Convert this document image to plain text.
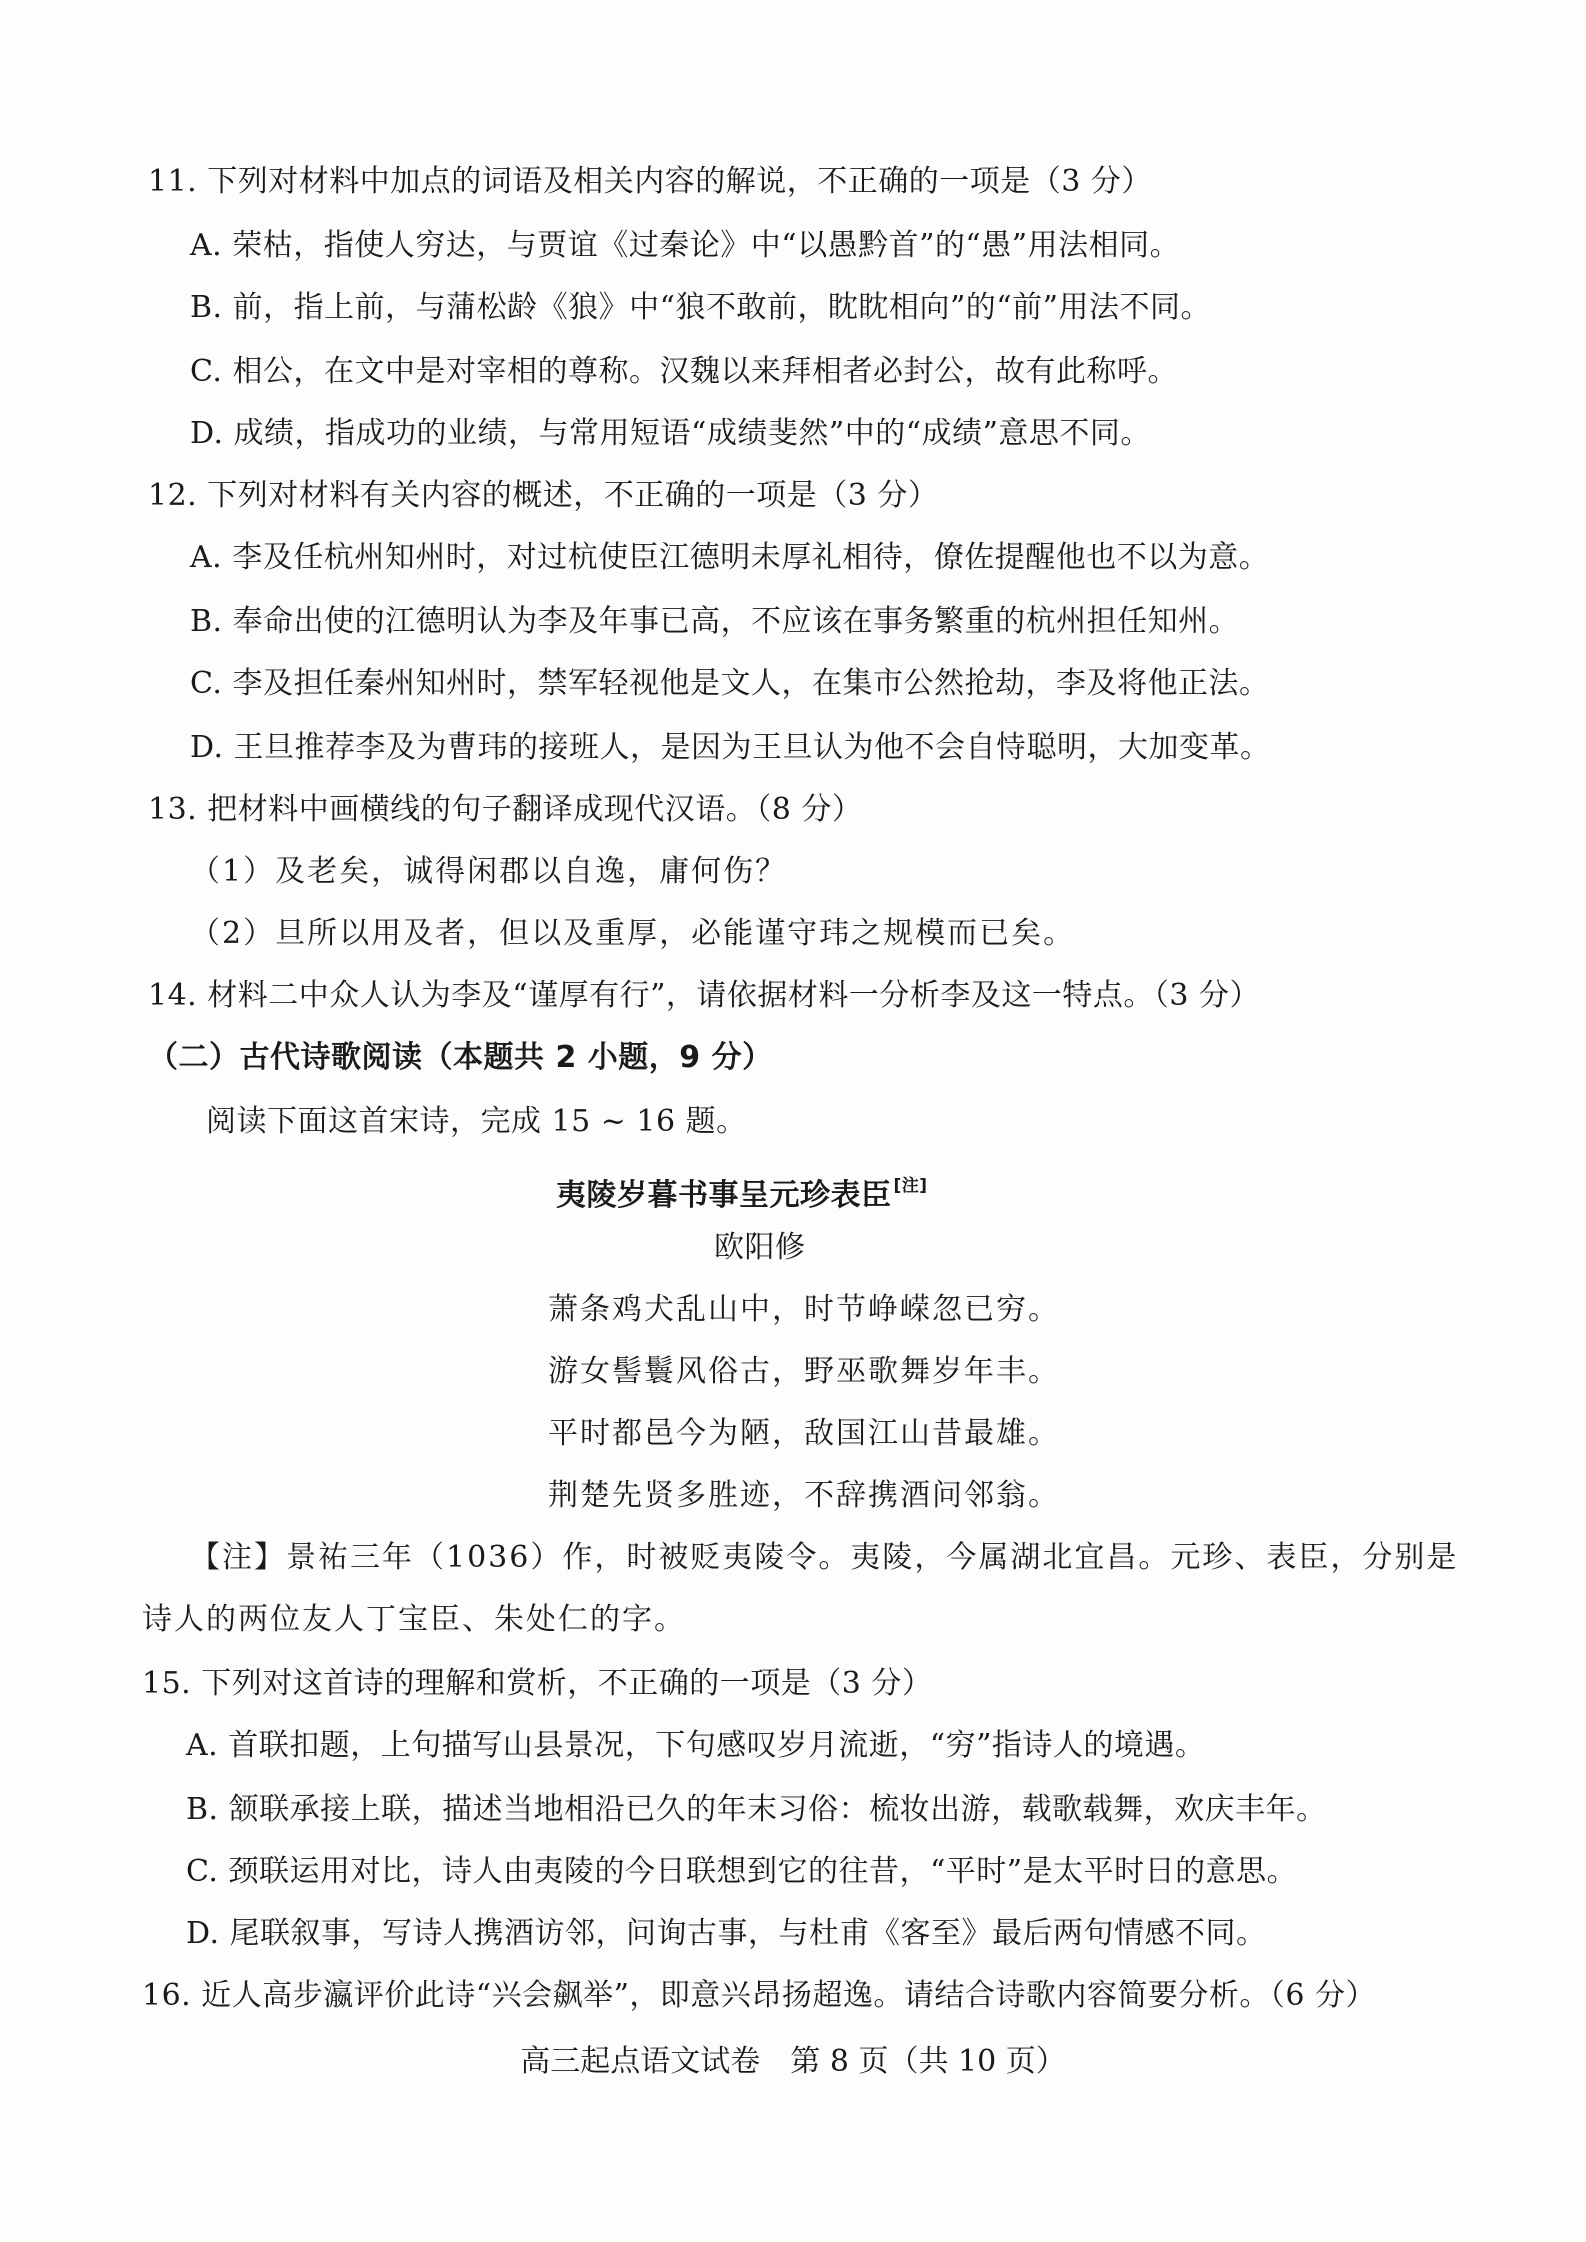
11. 下列对材料中加点的词语及相关内容的解说，不正确的一项是（3 分）
A. 荣枯，指使人穷达，与贾谊《过秦论》中“以愚黔首”的“愚”用法相同。
B. 前，指上前，与蒲松龄《狼》中“狼不敢前，眈眈相向”的“前”用法不同。
C. 相公，在文中是对宰相的尊称。汉魏以来拜相者必封公，故有此称呼。
D. 成绩，指成功的业绩，与常用短语“成绩斐然”中的“成绩”意思不同。
12. 下列对材料有关内容的概述，不正确的一项是（3 分）
A. 李及任杭州知州时，对过杭使臣江德明未厚礼相待，僚佐提醒他也不以为意。
B. 奉命出使的江德明认为李及年事已高，不应该在事务繁重的杭州担任知州。
C. 李及担任秦州知州时，禁军轻视他是文人，在集市公然抢劫，李及将他正法。
D. 王旦推荐李及为曹玮的接班人，是因为王旦认为他不会自恃聪明，大加变革。
13. 把材料中画横线的句子翻译成现代汉语。（8 分）
（1）及老矣，诚得闲郡以自逸，庸何伤？
（2）旦所以用及者，但以及重厚，必能谨守玮之规模而已矣。
14. 材料二中众人认为李及“谨厚有行”，请依据材料一分析李及这一特点。（3 分）
（二）古代诗歌阅读（本题共 2 小题，9 分）
阅读下面这首宋诗，完成 15 ~ 16 题。
夷陵岁暮书事呈元珍表臣 [注]
欧阳修
萧条鸡犬乱山中，时节峥嵘忽已穷。
游女髻鬟风俗古，野巫歌舞岁年丰。
平时都邑今为陋，敌国江山昔最雄。
荆楚先贤多胜迹，不辞携酒问邻翁。
【注】景祐三年（1036）作，时被贬夷陵令。夷陵，今属湖北宜昌。元珍、表臣，分别是
诗人的两位友人丁宝臣、朱处仁的字。
15. 下列对这首诗的理解和赏析，不正确的一项是（3 分）
A. 首联扣题，上句描写山县景况，下句感叹岁月流逝，“穷”指诗人的境遇。
B. 颔联承接上联，描述当地相沿已久的年末习俗：梳妆出游，载歌载舞，欢庆丰年。
C. 颈联运用对比，诗人由夷陵的今日联想到它的往昔，“平时”是太平时日的意思。
D. 尾联叙事，写诗人携酒访邻，问询古事，与杜甫《客至》最后两句情感不同。
16. 近人高步瀛评价此诗“兴会飙举”，即意兴昂扬超逸。请结合诗歌内容简要分析。（6 分）
高三起点语文试卷　第 8 页（共 10 页）
